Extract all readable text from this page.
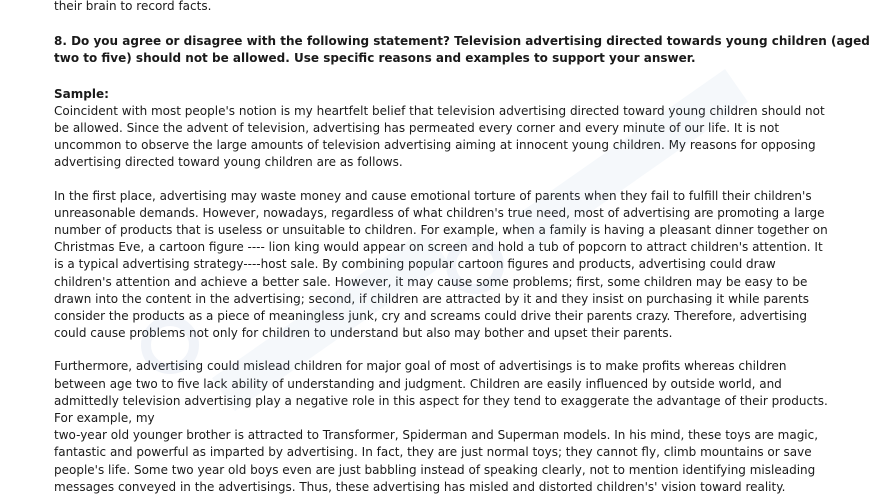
their brain to record facts.

8. Do you agree or disagree with the following statement? Television advertising directed towards young children (aged

two to five) should not be allowed. Use specific reasons and examples to support your answer.

Sample:

Coincident with most people's notion is my heartfelt belief that television advertising directed toward young children should not

be allowed. Since the advent of television, advertising has permeated every corner and every minute of our life. It is not

uncommon to observe the large amounts of television advertising aiming at innocent young children. My reasons for opposing

advertising directed toward young children are as follows.

In the first place, advertising may waste money and cause emotional torture of parents when they fail to fulfill their children's

unreasonable demands. However, nowadays, regardless of what children's true need, most of advertising are promoting a large

number of products that is useless or unsuitable to children. For example, when a family is having a pleasant dinner together on

Christmas Eve, a cartoon figure ---- lion king would appear on screen and hold a tub of popcorn to attract children's attention. It

is a typical advertising strategy----host sale. By combining popular cartoon figures and products, advertising could draw

children's attention and achieve a better sale. However, it may cause some problems; first, some children may be easy to be

drawn into the content in the advertising; second, if children are attracted by it and they insist on purchasing it while parents

consider the products as a piece of meaningless junk, cry and screams could drive their parents crazy. Therefore, advertising

could cause problems not only for children to understand but also may bother and upset their parents.

Furthermore, advertising could mislead children for major goal of most of advertisings is to make profits whereas children

between age two to five lack ability of understanding and judgment. Children are easily influenced by outside world, and

admittedly television advertising play a negative role in this aspect for they tend to exaggerate the advantage of their products.

For example, my

two-year old younger brother is attracted to Transformer, Spiderman and Superman models. In his mind, these toys are magic,

fantastic and powerful as imparted by advertising. In fact, they are just normal toys; they cannot fly, climb mountains or save

people's life. Some two year old boys even are just babbling instead of speaking clearly, not to mention identifying misleading

messages conveyed in the advertisings. Thus, these advertising has misled and distorted children's' vision toward reality.
